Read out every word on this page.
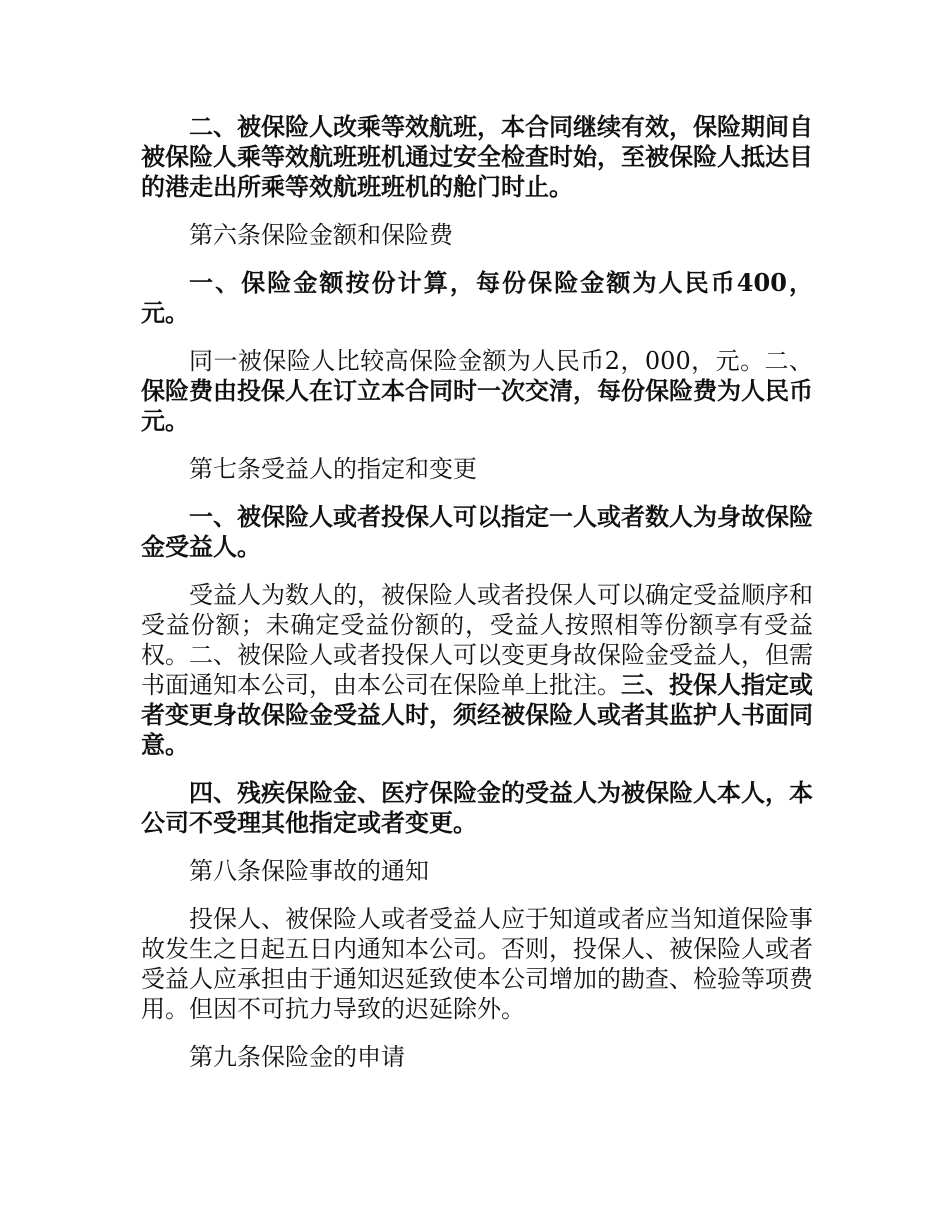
二、被保险人改乘等效航班，本合同继续有效，保险期间自被保险人乘等效航班班机通过安全检查时始，至被保险人抵达目的港走出所乘等效航班班机的舱门时止。

第六条保险金额和保险费

一、保险金额按份计算，每份保险金额为人民币400，元。

同一被保险人比较高保险金额为人民币2，000，元。二、保险费由投保人在订立本合同时一次交清，每份保险费为人民币元。

第七条受益人的指定和变更

一、被保险人或者投保人可以指定一人或者数人为身故保险金受益人。

受益人为数人的，被保险人或者投保人可以确定受益顺序和受益份额；未确定受益份额的，受益人按照相等份额享有受益权。二、被保险人或者投保人可以变更身故保险金受益人，但需书面通知本公司，由本公司在保险单上批注。三、投保人指定或者变更身故保险金受益人时，须经被保险人或者其监护人书面同意。

四、残疾保险金、医疗保险金的受益人为被保险人本人，本公司不受理其他指定或者变更。

第八条保险事故的通知

投保人、被保险人或者受益人应于知道或者应当知道保险事故发生之日起五日内通知本公司。否则，投保人、被保险人或者受益人应承担由于通知迟延致使本公司增加的勘查、检验等项费用。但因不可抗力导致的迟延除外。

第九条保险金的申请
